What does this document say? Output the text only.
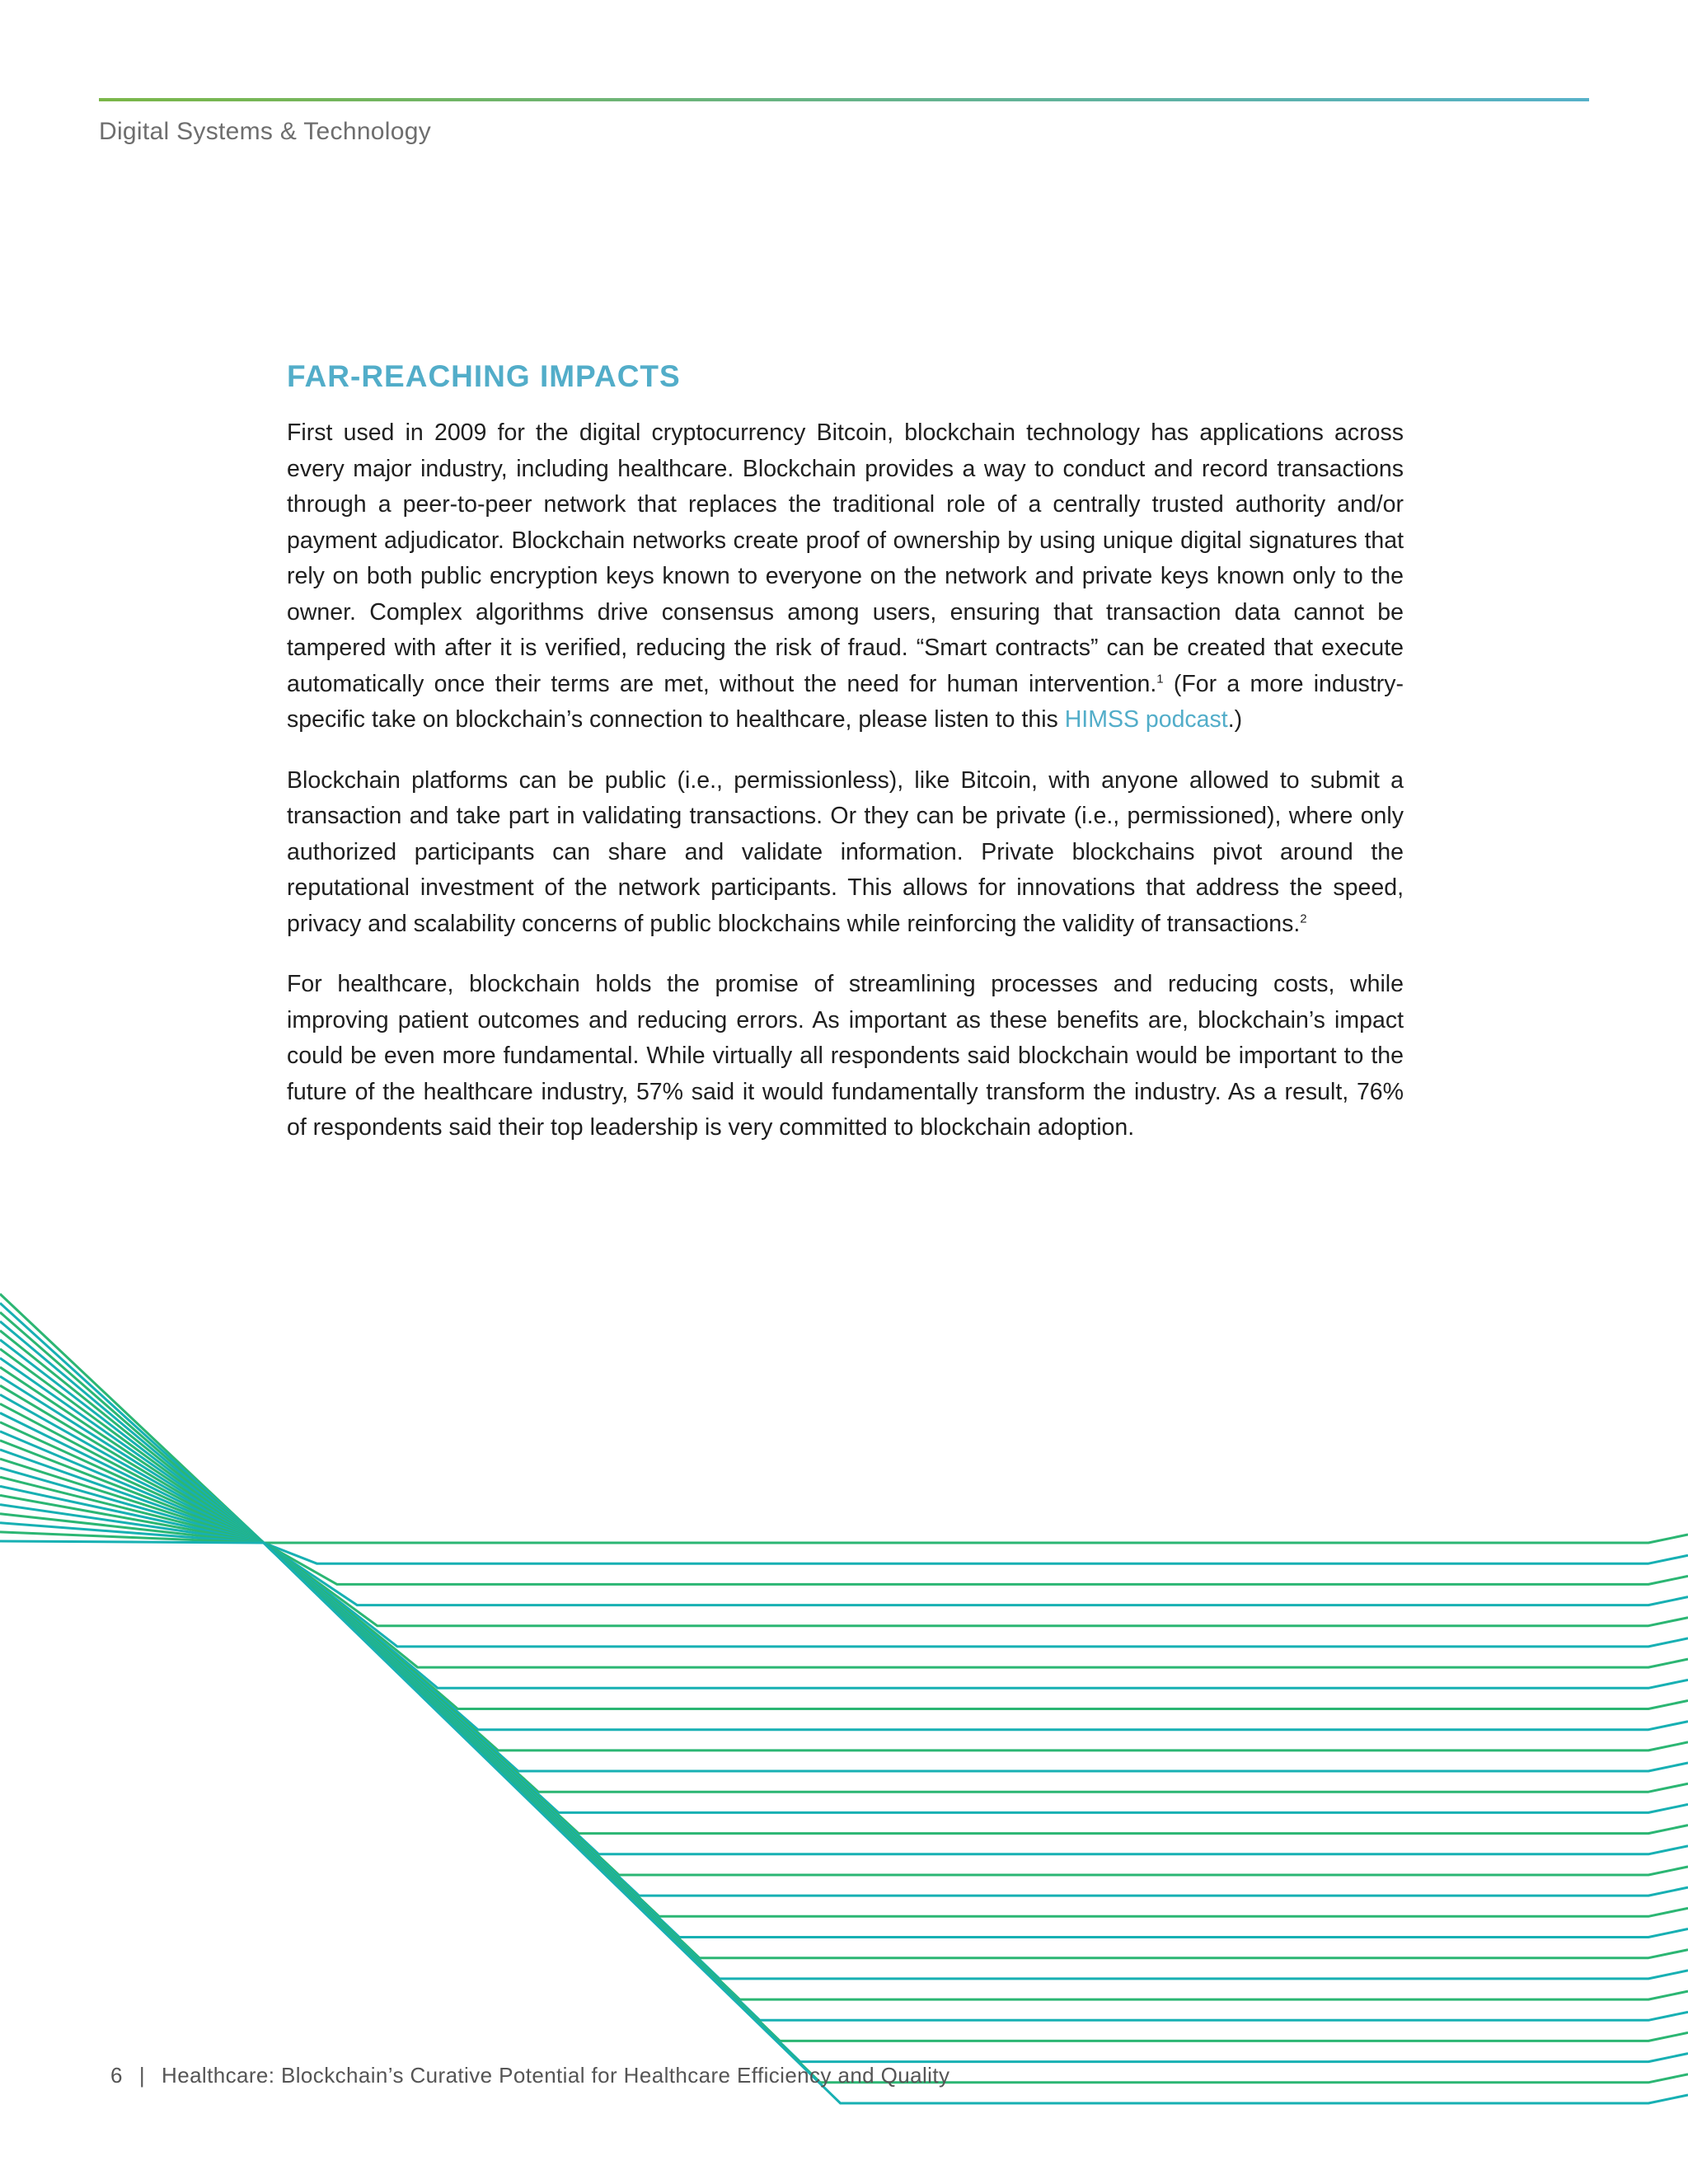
Digital Systems & Technology
FAR-REACHING IMPACTS

First used in 2009 for the digital cryptocurrency Bitcoin, blockchain technology has applications across every major industry, including healthcare. Blockchain provides a way to conduct and record transactions through a peer-to-peer network that replaces the traditional role of a centrally trusted authority and/or payment adjudicator. Blockchain networks create proof of ownership by using unique digital signatures that rely on both public encryption keys known to everyone on the network and private keys known only to the owner. Complex algorithms drive consensus among users, ensuring that transaction data cannot be tampered with after it is verified, reducing the risk of fraud. “Smart contracts” can be created that execute automatically once their terms are met, without the need for human intervention.$^1$ (For a more industry-specific take on blockchain’s connection to healthcare, please listen to this HIMSS podcast.)

Blockchain platforms can be public (i.e., permissionless), like Bitcoin, with anyone allowed to submit a transaction and take part in validating transactions. Or they can be private (i.e., permissioned), where only authorized participants can share and validate information. Private blockchains pivot around the reputational investment of the network participants. This allows for innovations that address the speed, privacy and scalability concerns of public blockchains while reinforcing the validity of transactions.$^2$

For healthcare, blockchain holds the promise of streamlining processes and reducing costs, while improving patient outcomes and reducing errors. As important as these benefits are, blockchain’s impact could be even more fundamental. While virtually all respondents said blockchain would be important to the future of the healthcare industry, 57% said it would fundamentally transform the industry. As a result, 76% of respondents said their top leadership is very committed to blockchain adoption.

6 | Healthcare: Blockchain’s Curative Potential for Healthcare Efficiency and Quality
